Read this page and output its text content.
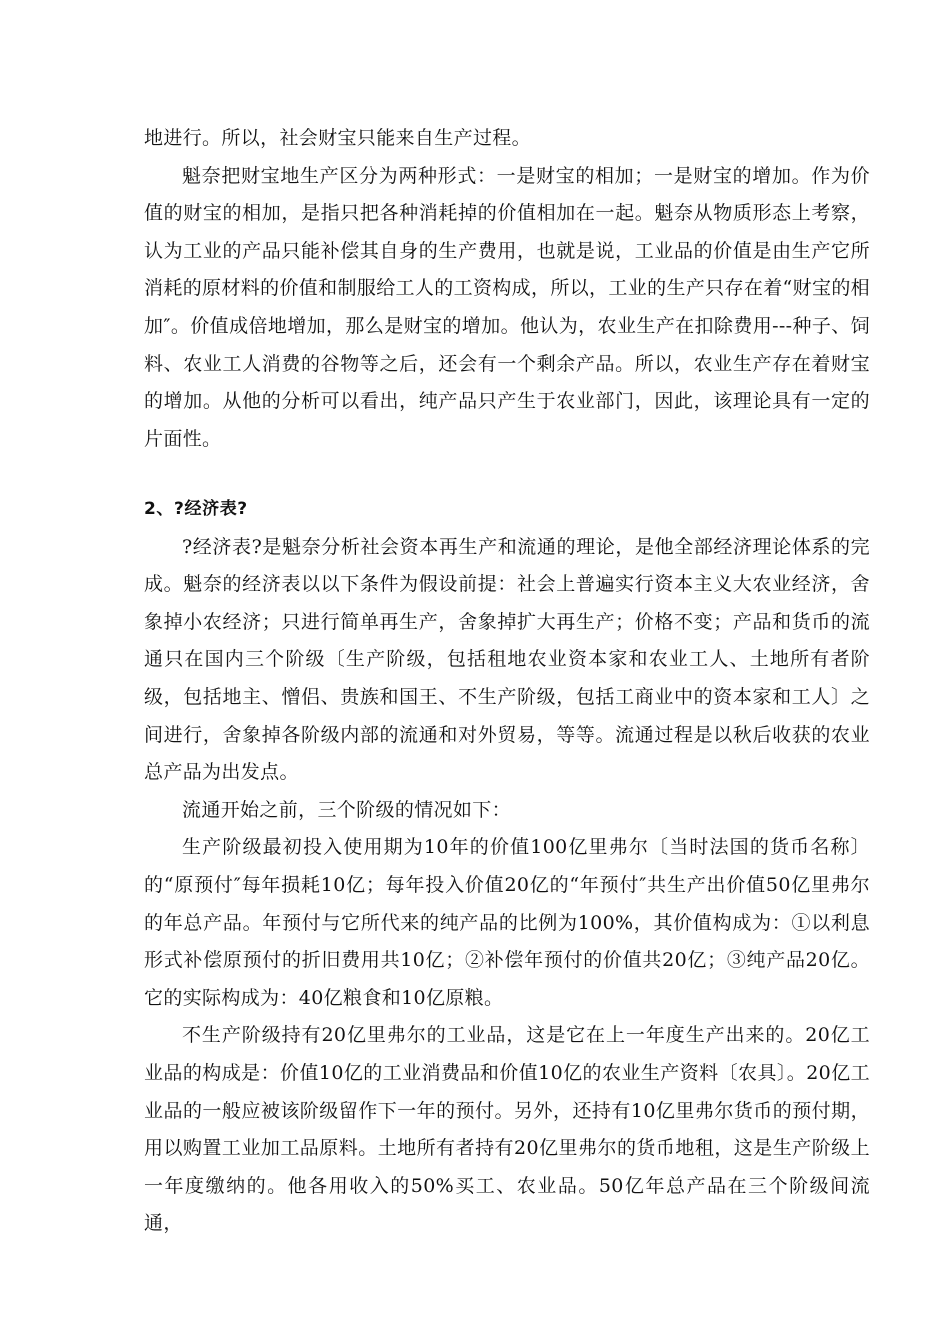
地进行。所以，社会财宝只能来自生产过程。

魁奈把财宝地生产区分为两种形式：一是财宝的相加；一是财宝的增加。作为价值的财宝的相加，是指只把各种消耗掉的价值相加在一起。魁奈从物质形态上考察，认为工业的产品只能补偿其自身的生产费用，也就是说，工业品的价值是由生产它所消耗的原材料的价值和制服给工人的工资构成，所以，工业的生产只存在着“财宝的相加″。价值成倍地增加，那么是财宝的增加。他认为，农业生产在扣除费用---种子、饲料、农业工人消费的谷物等之后，还会有一个剩余产品。所以，农业生产存在着财宝的增加。从他的分析可以看出，纯产品只产生于农业部门，因此，该理论具有一定的片面性。

2、?经济表?

?经济表?是魁奈分析社会资本再生产和流通的理论，是他全部经济理论体系的完成。魁奈的经济表以以下条件为假设前提：社会上普遍实行资本主义大农业经济，舍象掉小农经济；只进行简单再生产，舍象掉扩大再生产；价格不变；产品和货币的流通只在国内三个阶级〔生产阶级，包括租地农业资本家和农业工人、土地所有者阶级，包括地主、憎侣、贵族和国王、不生产阶级，包括工商业中的资本家和工人〕之间进行，舍象掉各阶级内部的流通和对外贸易，等等。流通过程是以秋后收获的农业总产品为出发点。

流通开始之前，三个阶级的情况如下：

生产阶级最初投入使用期为10年的价值100亿里弗尔〔当时法国的货币名称〕的“原预付″每年损耗10亿；每年投入价值20亿的“年预付″共生产出价值50亿里弗尔的年总产品。年预付与它所代来的纯产品的比例为100%，其价值构成为：①以利息形式补偿原预付的折旧费用共10亿；②补偿年预付的价值共20亿；③纯产品20亿。它的实际构成为：40亿粮食和10亿原粮。

不生产阶级持有20亿里弗尔的工业品，这是它在上一年度生产出来的。20亿工业品的构成是：价值10亿的工业消费品和价值10亿的农业生产资料〔农具〕。20亿工业品的一般应被该阶级留作下一年的预付。另外，还持有10亿里弗尔货币的预付期，用以购置工业加工品原料。土地所有者持有20亿里弗尔的货币地租，这是生产阶级上一年度缴纳的。他各用收入的50%买工、农业品。50亿年总产品在三个阶级间流通，
